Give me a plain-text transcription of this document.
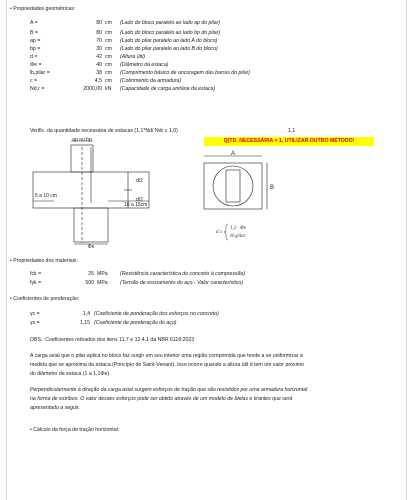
• Propriedades geométricas:
A =	80 cm (Lado do bloco paralelo ao lado ap do pilar)
B =	80 cm (Lado do bloco paralelo ao lado bp do pilar)
ap =	70 cm (Lado do pilar paralelo ao lado A do bloco)
bp =	30 cm (Lado do pilar paralelo ao lado B do bloco)
d =	42 cm (Altura útil)
Φe =	40 cm (Diâmetro da estaca)
lb,pilar =	38 cm (Comprimento básico de ancoragem das barras do pilar)
c =	4,5 cm (Cobrimento da armadura)
Nd,r =	2000,00 kN (Capacidade de carga unitária da estaca)
Verific. da quantidade necessária de estacas (1,1*Nd/ Ndr ≤ 1,0)	1,1
Q(TD. NECESSÁRIA > 1, UTILIZAR OUTRO MÉTODO!
ap ou bp
d/2
d/2
5 a 10 cm
10 a 15cm
Φe
A
B
d ≥
1,2 · Φe
ℓb,pilar
• Propriedades dos materiais:
fck =	25 MPa (Resistência característica do concreto à compressão)
fyk =	500 MPa (Tensão de escoamento do aço - Valor característico)
• Coeficientes de ponderação:
γc =	1,4 (Coeficiente de ponderação dos esforços no concreto)
γs =	1,15 (Coeficiente de ponderação do aço)
OBS.: Coeficientes retirados dos itens 11.7 e 12.4.1 da NBR 6118:2023
A carga axial que o pilar aplica no bloco faz surgir em seu interior uma região comprimida que tende a se uniformizar à
medida que se aproxima da estaca (Princípio de Saint-Venant). Isso ocorre quando a altura útil d tem um valor próximo
do diâmetro da estaca (1 a 1,1Φe).
Perpendicularmente à direção da carga axial surgem esforços de tração que são resistidos por uma armadura horizontal
na forma de estribos. O valor desses esforços pode ser obtido através de um modelo de bielas e tirantes que será
apresentado a seguir.
• Cálculo da força de tração horizontal:
